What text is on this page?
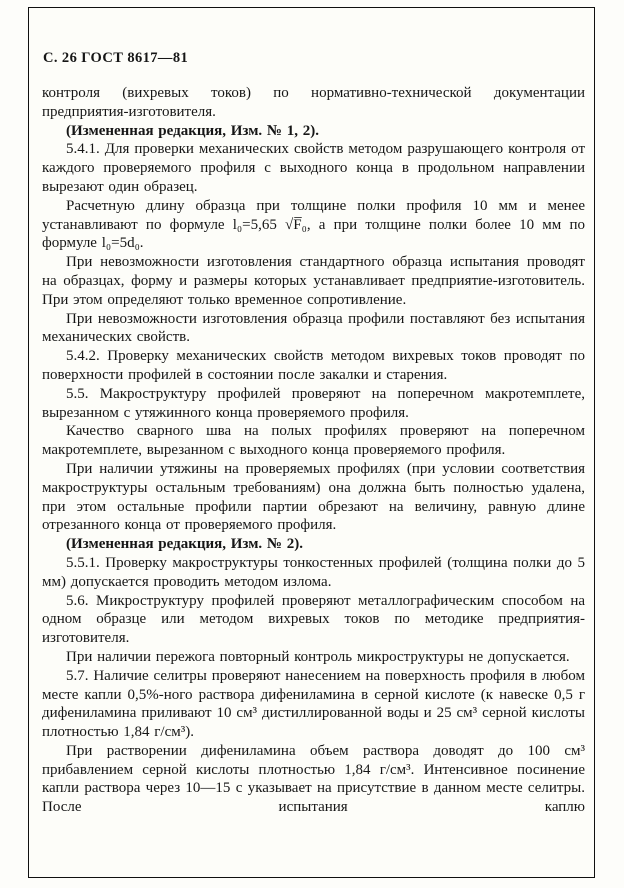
С. 26 ГОСТ 8617—81

контроля (вихревых токов) по нормативно-технической документации предприятия-изготовителя.

(Измененная редакция, Изм. № 1, 2).

5.4.1. Для проверки механических свойств методом разрушающего контроля от каждого проверяемого профиля с выходного конца в продольном направлении вырезают один образец.

Расчетную длину образца при толщине полки профиля 10 мм и менее устанавливают по формуле l₀=5,65 √F̅₀, а при толщине полки более 10 мм по формуле l₀=5d₀.

При невозможности изготовления стандартного образца испытания проводят на образцах, форму и размеры которых устанавливает предприятие-изготовитель. При этом определяют только временное сопротивление.

При невозможности изготовления образца профили поставляют без испытания механических свойств.

5.4.2. Проверку механических свойств методом вихревых токов проводят по поверхности профилей в состоянии после закалки и старения.

5.5. Макроструктуру профилей проверяют на поперечном макротемплете, вырезанном с утяжинного конца проверяемого профиля.

Качество сварного шва на полых профилях проверяют на поперечном макротемплете, вырезанном с выходного конца проверяемого профиля.

При наличии утяжины на проверяемых профилях (при условии соответствия макроструктуры остальным требованиям) она должна быть полностью удалена, при этом остальные профили партии обрезают на величину, равную длине отрезанного конца от проверяемого профиля.

(Измененная редакция, Изм. № 2).

5.5.1. Проверку макроструктуры тонкостенных профилей (толщина полки до 5 мм) допускается проводить методом излома.

5.6. Микроструктуру профилей проверяют металлографическим способом на одном образце или методом вихревых токов по методике предприятия-изготовителя.

При наличии пережога повторный контроль микроструктуры не допускается.

5.7. Наличие селитры проверяют нанесением на поверхность профиля в любом месте капли 0,5%-ного раствора дифениламина в серной кислоте (к навеске 0,5 г дифениламина приливают 10 см³ дистиллированной воды и 25 см³ серной кислоты плотностью 1,84 г/см³).

При растворении дифениламина объем раствора доводят до 100 см³ прибавлением серной кислоты плотностью 1,84 г/см³. Интенсивное посинение капли раствора через 10—15 с указывает на присутствие в данном месте селитры. После испытания каплю
